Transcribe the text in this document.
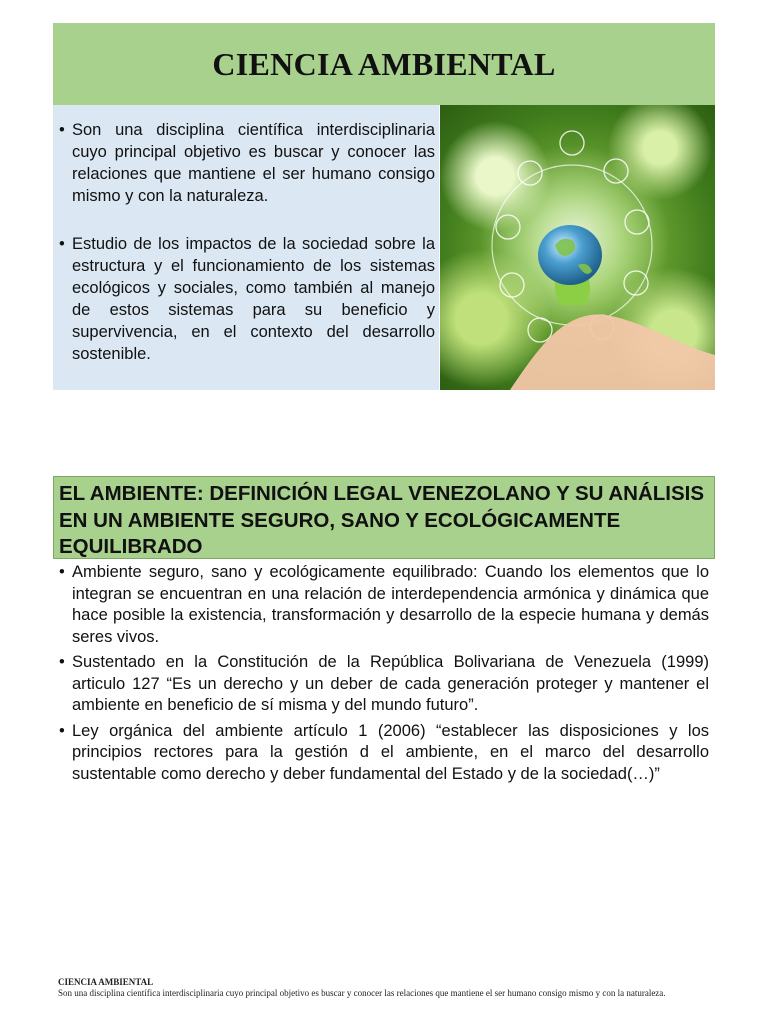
CIENCIA AMBIENTAL
• Son una disciplina científica interdisciplinaria cuyo principal objetivo es buscar y conocer las relaciones que mantiene el ser humano consigo mismo y con la naturaleza.
• Estudio de los impactos de la sociedad sobre la estructura y el funcionamiento de los sistemas ecológicos y sociales, como también al manejo de estos sistemas para su beneficio y supervivencia, en el contexto del desarrollo sostenible.
EL AMBIENTE: DEFINICIÓN LEGAL VENEZOLANO Y SU ANÁLISIS EN UN AMBIENTE SEGURO, SANO Y ECOLÓGICAMENTE EQUILIBRADO
• Ambiente seguro, sano y ecológicamente equilibrado: Cuando los elementos que lo integran se encuentran en una relación de interdependencia armónica y dinámica que hace posible la existencia, transformación y desarrollo de la especie humana y demás seres vivos.
• Sustentado en la Constitución de la República Bolivariana de Venezuela (1999) articulo 127 “Es un derecho y un deber de cada generación proteger y mantener el ambiente en beneficio de sí misma y del mundo futuro”.
• Ley orgánica del ambiente artículo 1 (2006) “establecer las disposiciones y los principios rectores para la gestión d el ambiente, en el marco del desarrollo sustentable como derecho y deber fundamental del Estado y de la sociedad(…)”
CIENCIA AMBIENTAL
Son una disciplina científica interdisciplinaria cuyo principal objetivo es buscar y conocer las relaciones que mantiene el ser humano consigo mismo y con la naturaleza.
